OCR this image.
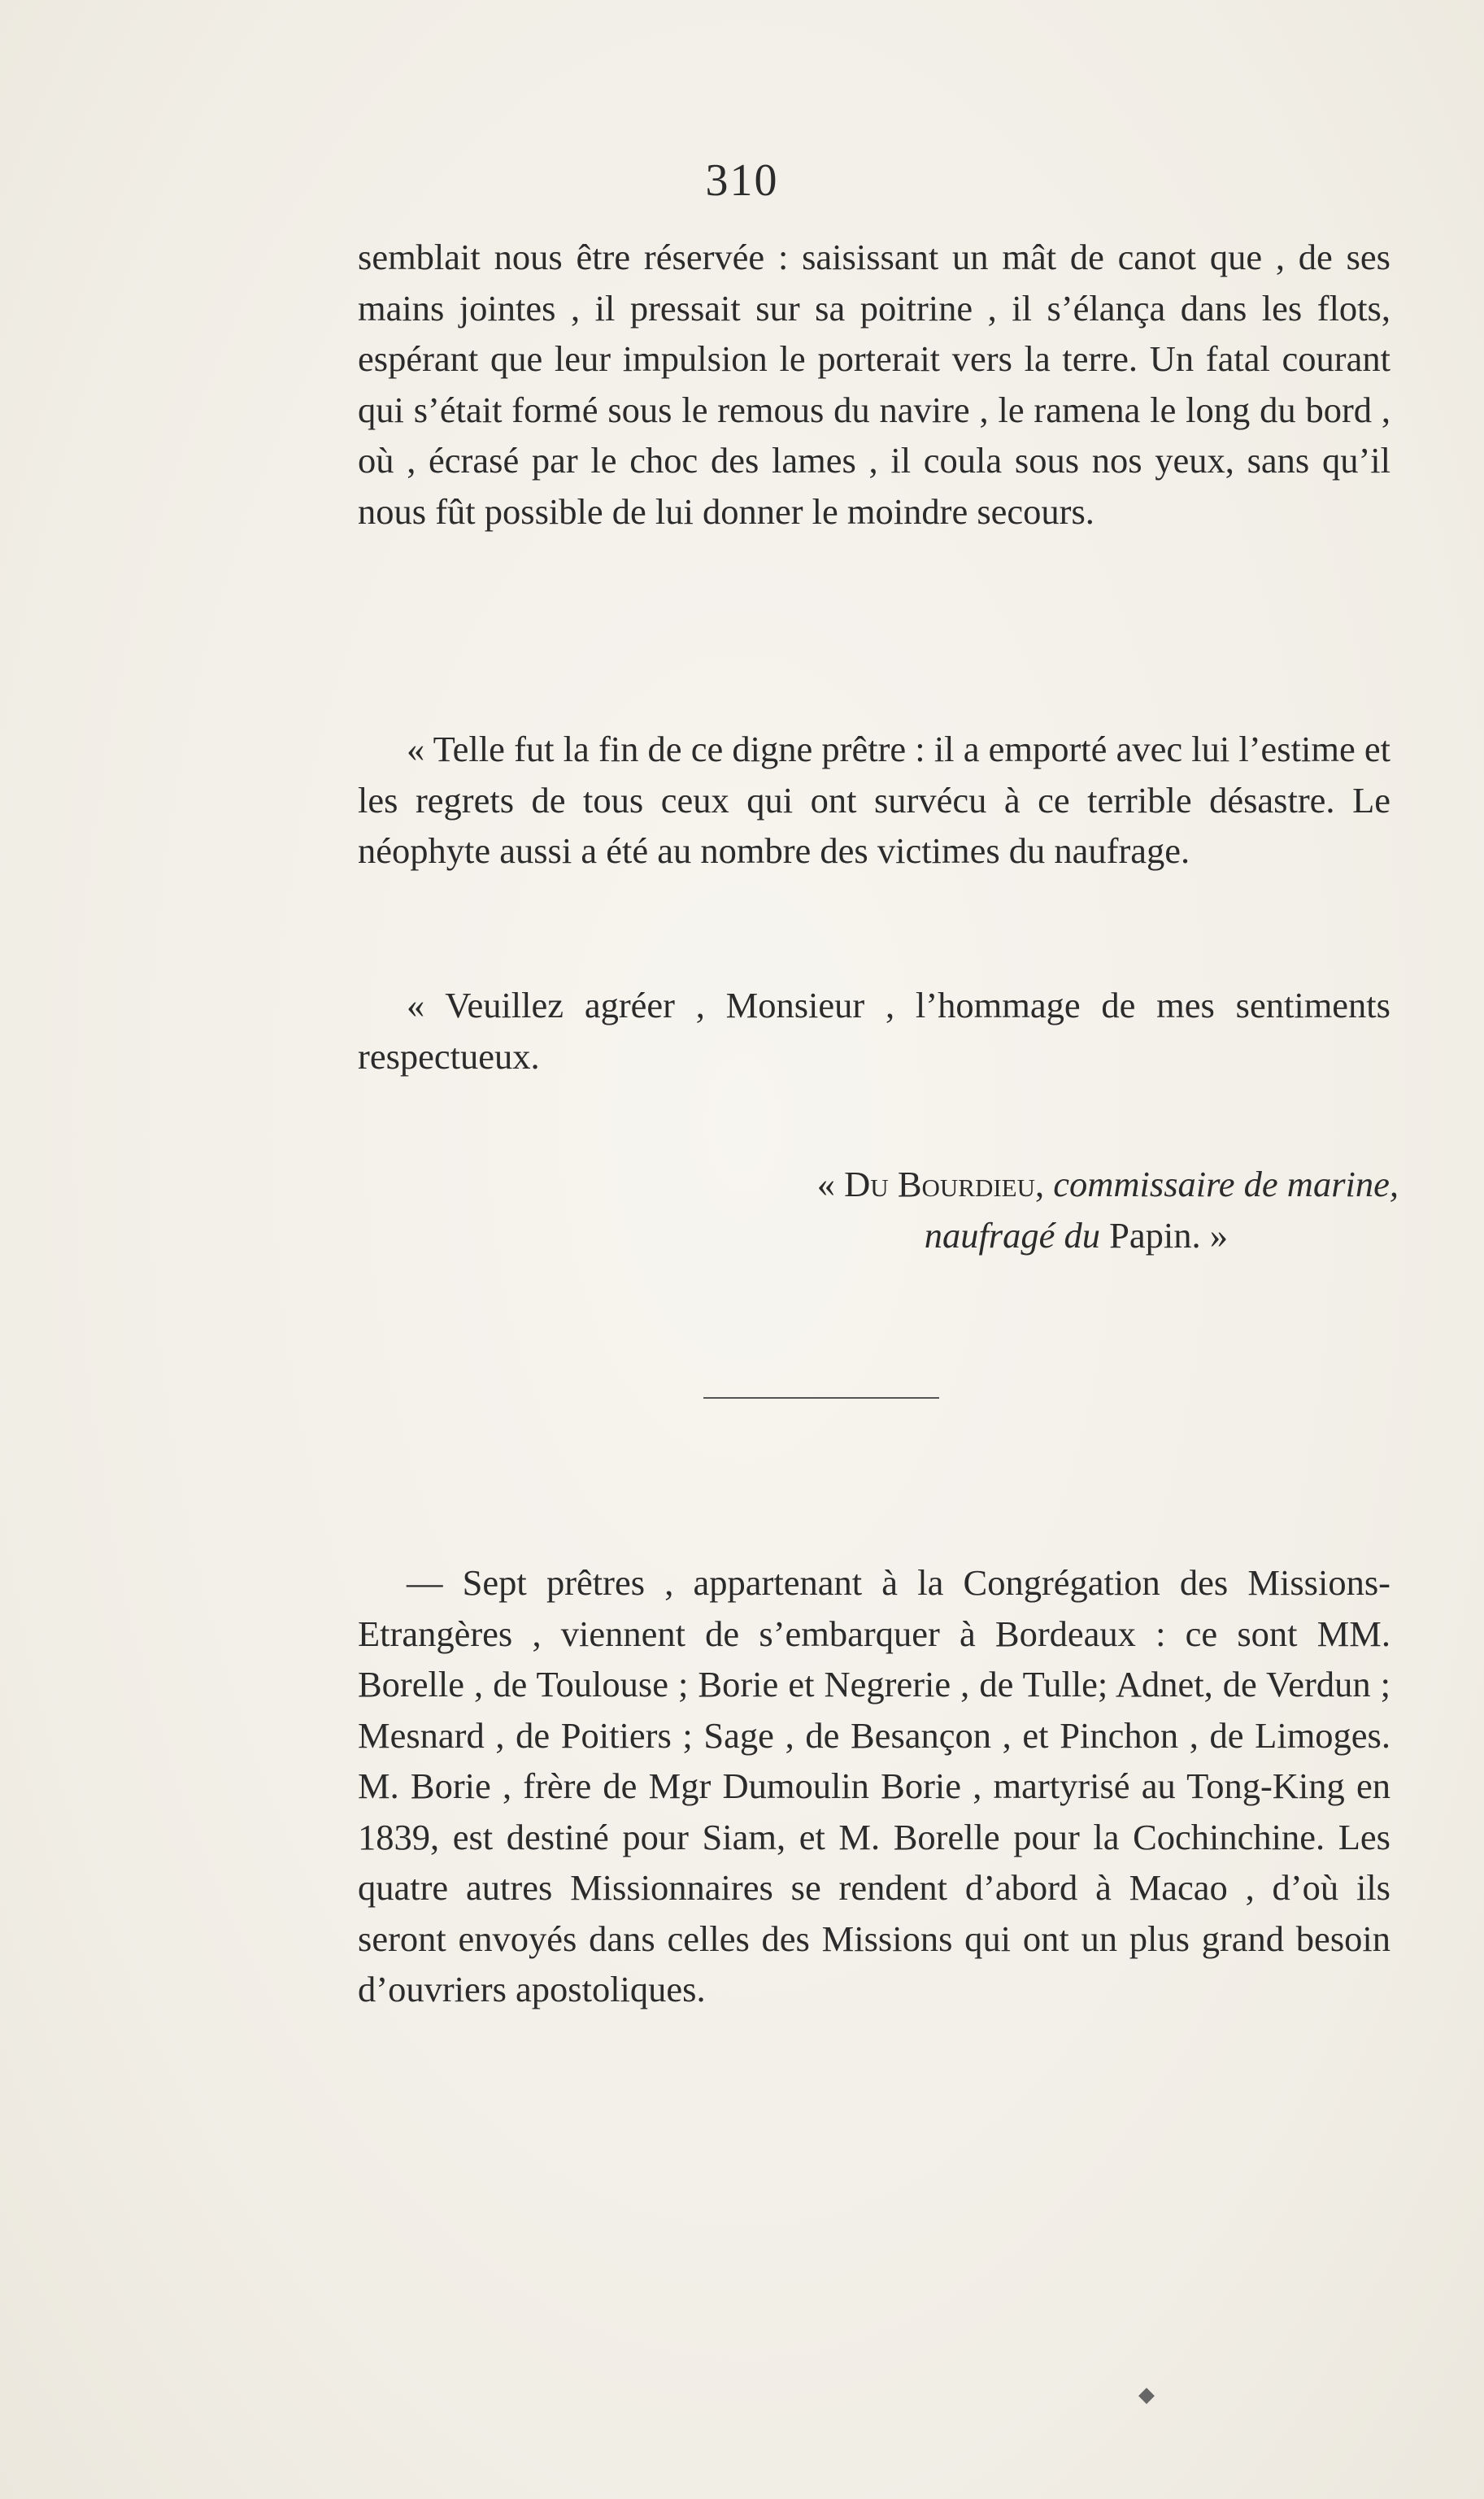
310

semblait nous être réservée : saisissant un mât de canot que , de ses mains jointes , il pressait sur sa poitrine , il s’élança dans les flots, espérant que leur impulsion le porterait vers la terre. Un fatal courant qui s’était formé sous le remous du navire , le ramena le long du bord , où , écrasé par le choc des lames , il coula sous nos yeux, sans qu’il nous fût possible de lui donner le moindre secours.

« Telle fut la fin de ce digne prêtre : il a emporté avec lui l’estime et les regrets de tous ceux qui ont survécu à ce terrible désastre. Le néophyte aussi a été au nombre des victimes du naufrage.

« Veuillez agréer , Monsieur , l’hommage de mes sentiments respectueux.

« Du Bourdieu, commissaire de marine,
naufragé du Papin. »

— Sept prêtres , appartenant à la Congrégation des Missions-Etrangères , viennent de s’embarquer à Bordeaux : ce sont MM. Borelle , de Toulouse ; Borie et Negrerie , de Tulle; Adnet, de Verdun ; Mesnard , de Poitiers ; Sage , de Besançon , et Pinchon , de Limoges. M. Borie , frère de Mgr Dumoulin Borie , martyrisé au Tong-King en 1839, est destiné pour Siam, et M. Borelle pour la Cochinchine. Les quatre autres Missionnaires se rendent d’abord à Macao , d’où ils seront envoyés dans celles des Missions qui ont un plus grand besoin d’ouvriers apostoliques.

◆
